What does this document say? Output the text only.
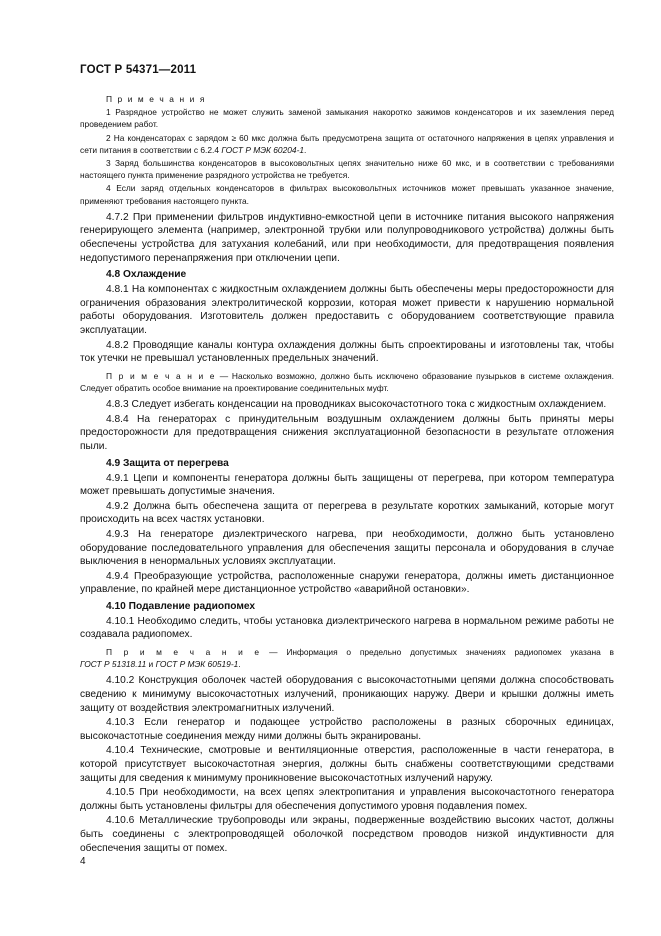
ГОСТ Р 54371—2011
П р и м е ч а н и я
1 Разрядное устройство не может служить заменой замыкания накоротко зажимов конденсаторов и их заземления перед проведением работ.
2 На конденсаторах с зарядом ≥ 60 мкс должна быть предусмотрена защита от остаточного напряжения в цепях управления и сети питания в соответствии с 6.2.4 ГОСТ Р МЭК 60204-1.
3 Заряд большинства конденсаторов в высоковольтных цепях значительно ниже 60 мкс, и в соответствии с требованиями настоящего пункта применение разрядного устройства не требуется.
4 Если заряд отдельных конденсаторов в фильтрах высоковольтных источников может превышать указанное значение, применяют требования настоящего пункта.
4.7.2 При применении фильтров индуктивно-емкостной цепи в источнике питания высокого напряжения генерирующего элемента (например, электронной трубки или полупроводникового устройства) должны быть обеспечены устройства для затухания колебаний, или при необходимости, для предотвращения появления недопустимого перенапряжения при отключении цепи.
4.8 Охлаждение
4.8.1 На компонентах с жидкостным охлаждением должны быть обеспечены меры предосторожности для ограничения образования электролитической коррозии, которая может привести к нарушению нормальной работы оборудования. Изготовитель должен предоставить с оборудованием соответствующие правила эксплуатации.
4.8.2 Проводящие каналы контура охлаждения должны быть спроектированы и изготовлены так, чтобы ток утечки не превышал установленных предельных значений.
П р и м е ч а н и е — Насколько возможно, должно быть исключено образование пузырьков в системе охлаждения. Следует обратить особое внимание на проектирование соединительных муфт.
4.8.3 Следует избегать конденсации на проводниках высокочастотного тока с жидкостным охлаждением.
4.8.4 На генераторах с принудительным воздушным охлаждением должны быть приняты меры предосторожности для предотвращения снижения эксплуатационной безопасности в результате отложения пыли.
4.9 Защита от перегрева
4.9.1 Цепи и компоненты генератора должны быть защищены от перегрева, при котором температура может превышать допустимые значения.
4.9.2 Должна быть обеспечена защита от перегрева в результате коротких замыканий, которые могут происходить на всех частях установки.
4.9.3 На генераторе диэлектрического нагрева, при необходимости, должно быть установлено оборудование последовательного управления для обеспечения защиты персонала и оборудования в случае выключения в ненормальных условиях эксплуатации.
4.9.4 Преобразующие устройства, расположенные снаружи генератора, должны иметь дистанционное управление, по крайней мере дистанционное устройство «аварийной остановки».
4.10 Подавление радиопомех
4.10.1 Необходимо следить, чтобы установка диэлектрического нагрева в нормальном режиме работы не создавала радиопомех.
П р и м е ч а н и е — Информация о предельно допустимых значениях радиопомех указана в
ГОСТ Р 51318.11 и ГОСТ Р МЭК 60519-1.
4.10.2 Конструкция оболочек частей оборудования с высокочастотными цепями должна способствовать сведению к минимуму высокочастотных излучений, проникающих наружу. Двери и крышки должны иметь защиту от воздействия электромагнитных излучений.
4.10.3 Если генератор и подающее устройство расположены в разных сборочных единицах, высокочастотные соединения между ними должны быть экранированы.
4.10.4 Технические, смотровые и вентиляционные отверстия, расположенные в части генератора, в которой присутствует высокочастотная энергия, должны быть снабжены соответствующими средствами защиты для сведения к минимуму проникновение высокочастотных излучений наружу.
4.10.5 При необходимости, на всех цепях электропитания и управления высокочастотного генератора должны быть установлены фильтры для обеспечения допустимого уровня подавления помех.
4.10.6 Металлические трубопроводы или экраны, подверженные воздействию высоких частот, должны быть соединены с электропроводящей оболочкой посредством проводов низкой индуктивности для обеспечения защиты от помех.
4
